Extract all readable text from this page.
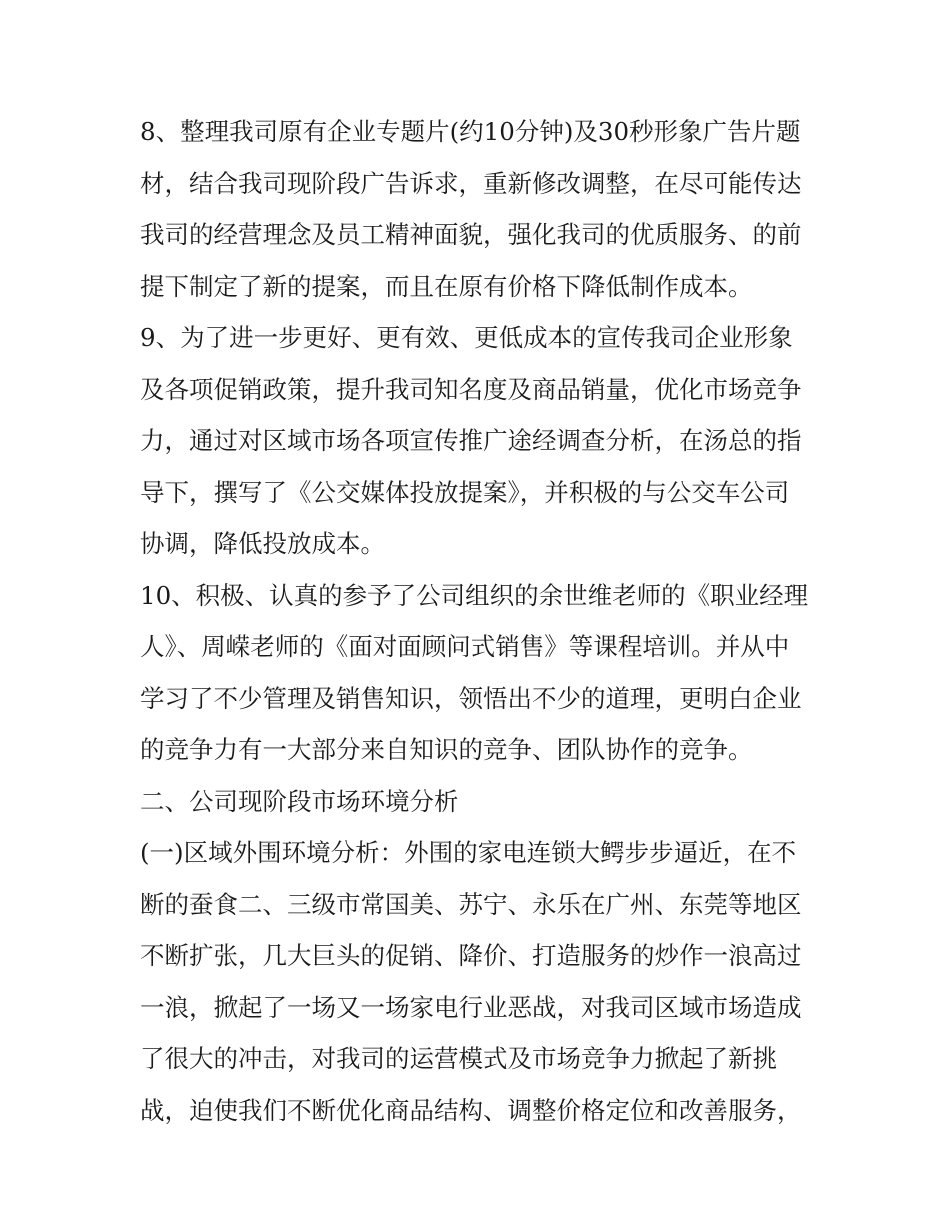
8、整理我司原有企业专题片(约10分钟)及30秒形象广告片题
材，结合我司现阶段广告诉求，重新修改调整，在尽可能传达
我司的经营理念及员工精神面貌，强化我司的优质服务、的前
提下制定了新的提案，而且在原有价格下降低制作成本。
9、为了进一步更好、更有效、更低成本的宣传我司企业形象
及各项促销政策，提升我司知名度及商品销量，优化市场竞争
力，通过对区域市场各项宣传推广途经调查分析，在汤总的指
导下，撰写了《公交媒体投放提案》，并积极的与公交车公司
协调，降低投放成本。
10、积极、认真的参予了公司组织的余世维老师的《职业经理
人》、周嵘老师的《面对面顾问式销售》等课程培训。并从中
学习了不少管理及销售知识，领悟出不少的道理，更明白企业
的竞争力有一大部分来自知识的竞争、团队协作的竞争。
二、公司现阶段市场环境分析
(一)区域外围环境分析：外围的家电连锁大鳄步步逼近，在不
断的蚕食二、三级市常国美、苏宁、永乐在广州、东莞等地区
不断扩张，几大巨头的促销、降价、打造服务的炒作一浪高过
一浪，掀起了一场又一场家电行业恶战，对我司区域市场造成
了很大的冲击，对我司的运营模式及市场竞争力掀起了新挑
战，迫使我们不断优化商品结构、调整价格定位和改善服务，
